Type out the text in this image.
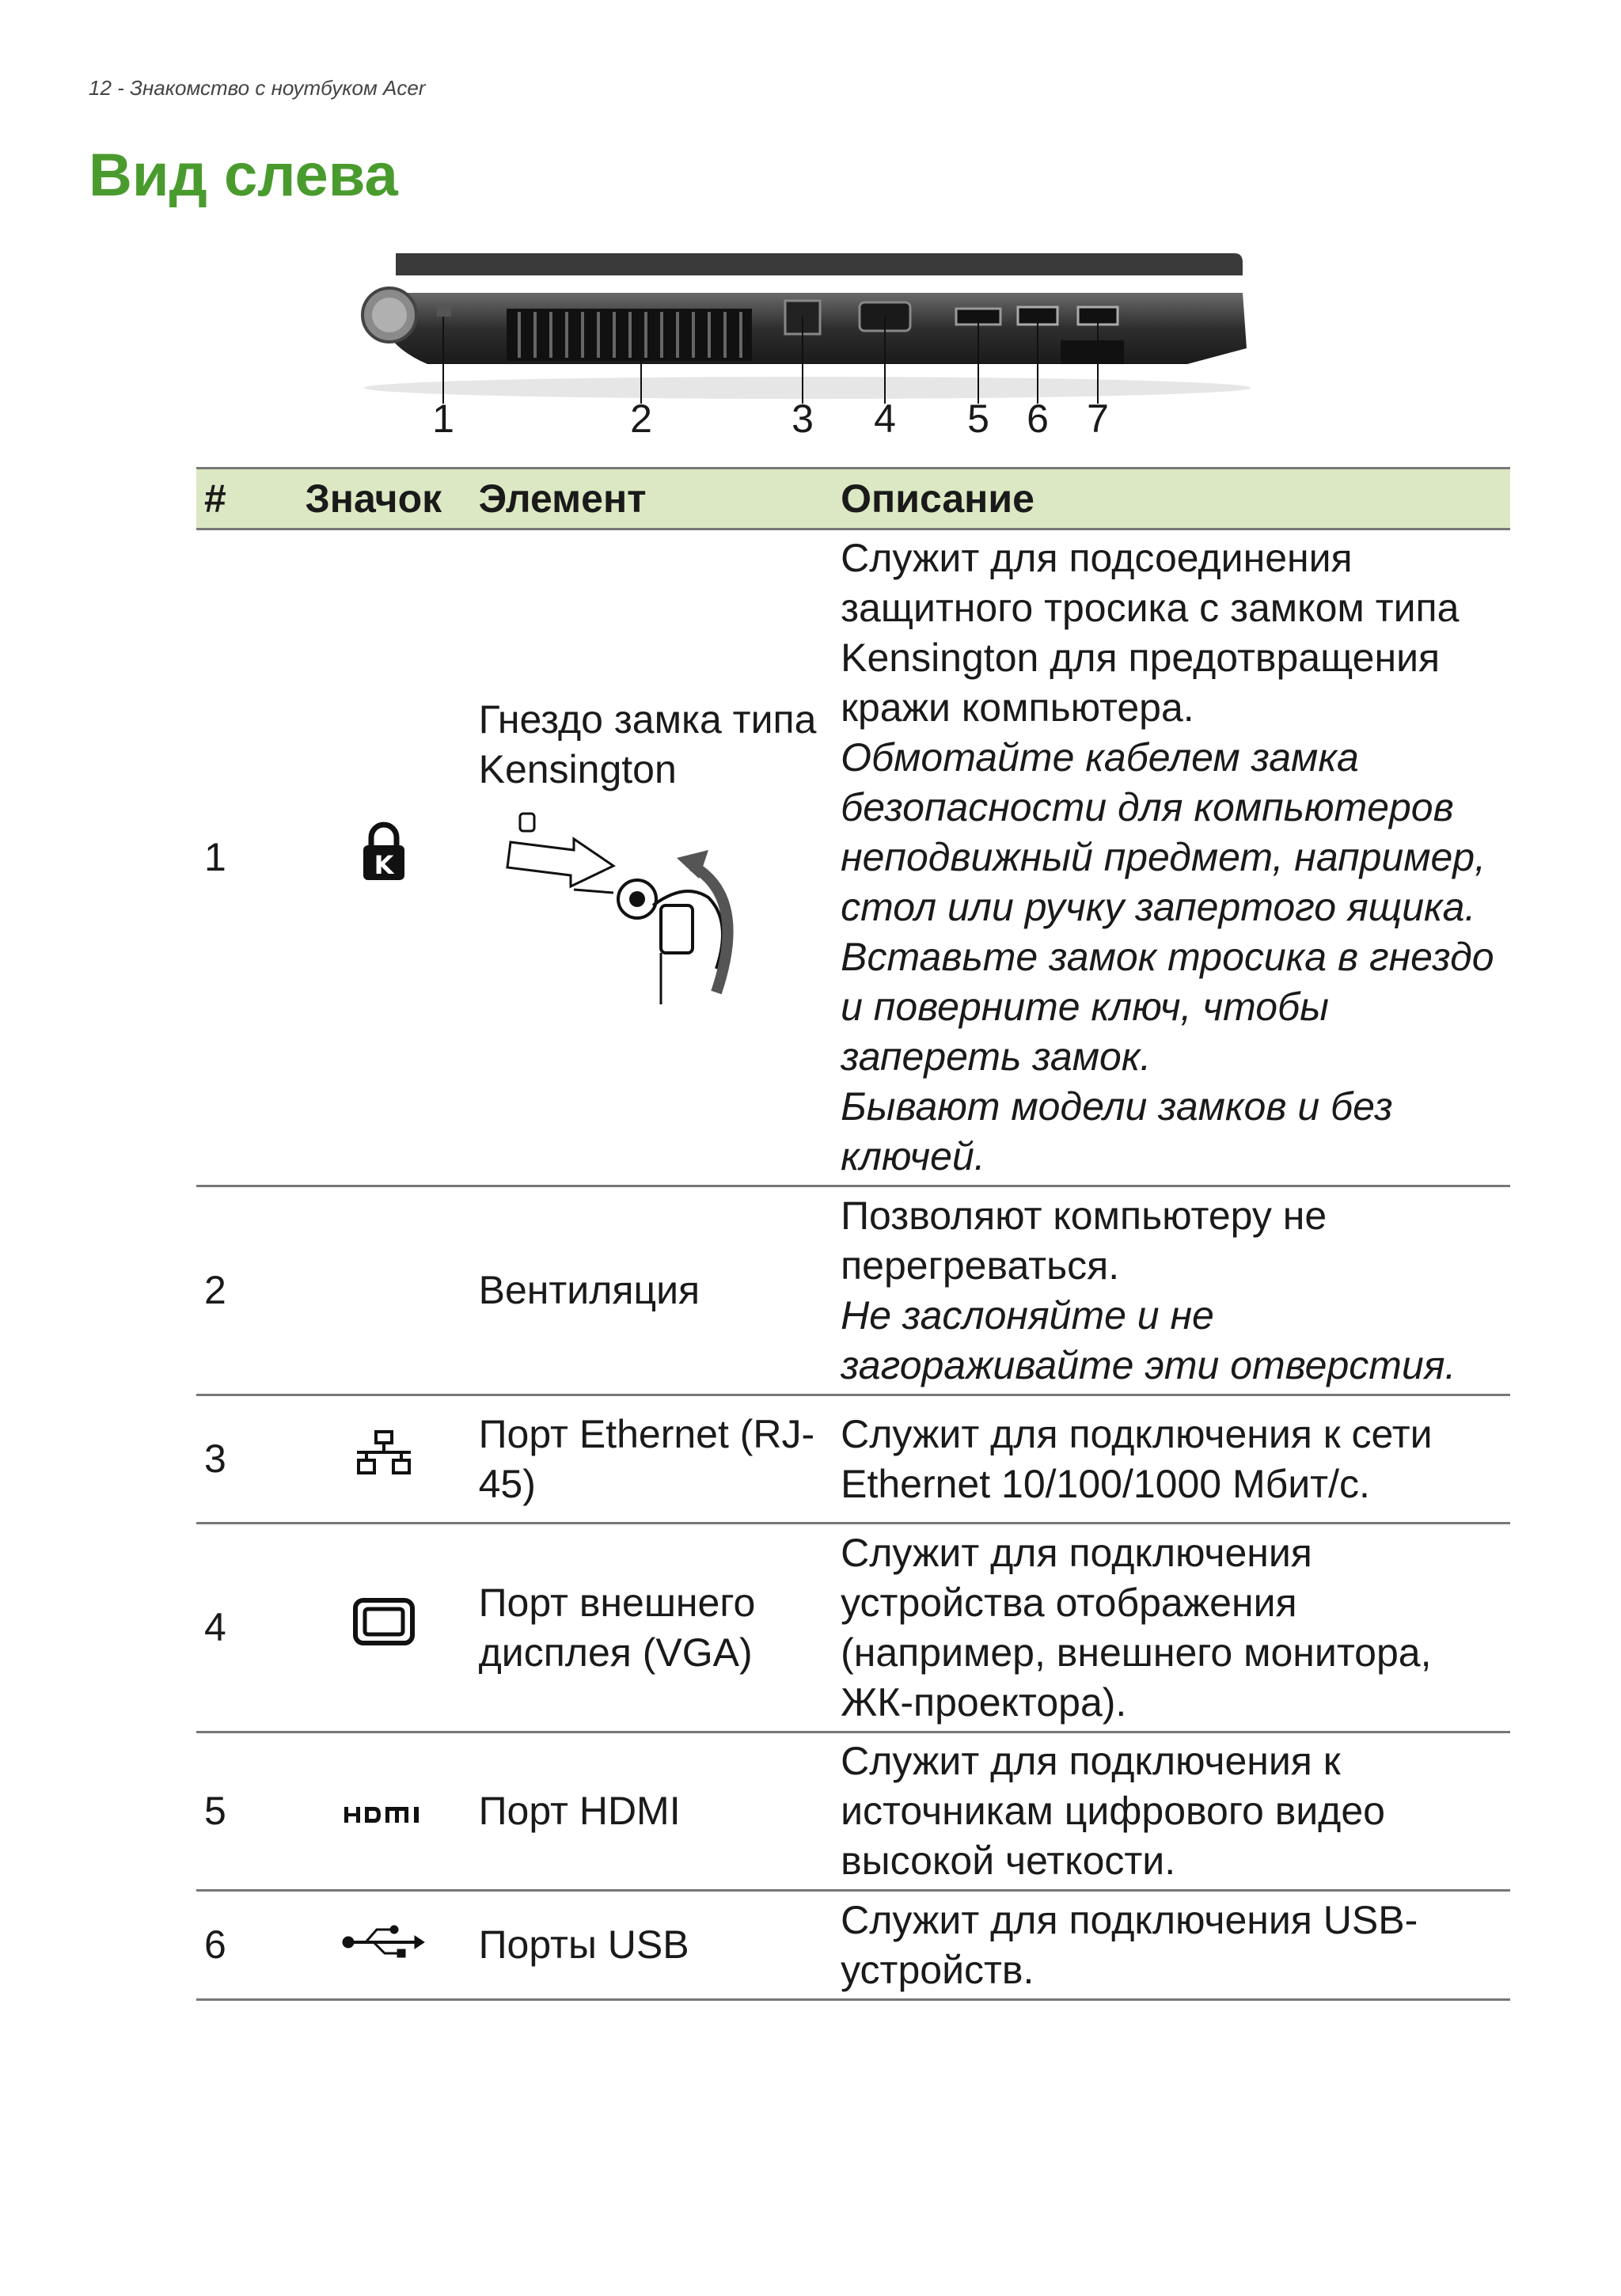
12 - Знакомство с ноутбуком Acer
Вид слева
1	2	3 4 5 6 7
#	Значок	Элемент	Описание
1	K	Гнездо замка типа Kensington	Служит для подсоединения защитного тросика с замком типа Kensington для предотвращения кражи компьютера.
Обмотайте кабелем замка безопасности для компьютеров неподвижный предмет, например, стол или ручку запертого ящика.
Вставьте замок тросика в гнездо и поверните ключ, чтобы запереть замок.
Бывают модели замков и без ключей.

2		Вентиляция	Позволяют компьютеру не перегреваться.
Не заслоняйте и не загораживайте эти отверстия.

3		Порт Ethernet (RJ-45)	Служит для подключения к сети Ethernet 10/100/1000 Мбит/с.

4		Порт внешнего дисплея (VGA)	Служит для подключения устройства отображения (например, внешнего монитора, ЖК-проектора).

5		Порт HDMI	Служит для подключения к источникам цифрового видео высокой четкости.

6		Порты USB	Служит для подключения USB-устройств.
